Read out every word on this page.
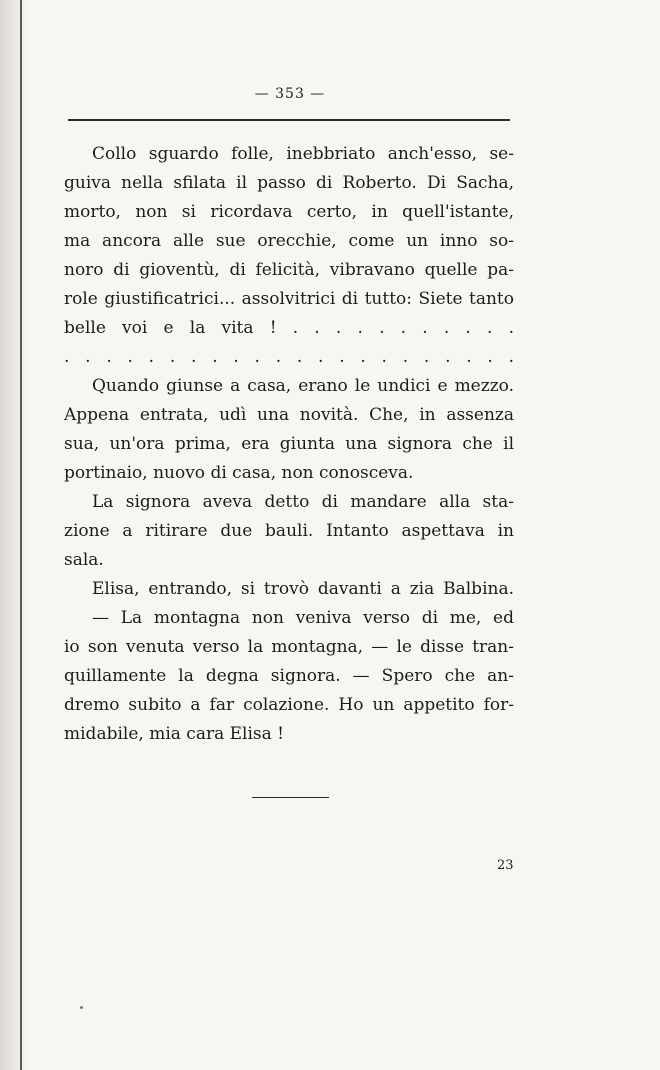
— 353 —
Collo sguardo folle, inebbriato anch'esso, se-
guiva nella sfilata il passo di Roberto. Di Sacha,
morto, non si ricordava certo, in quell'istante,
ma ancora alle sue orecchie, come un inno so-
noro di gioventù, di felicità, vibravano quelle pa-
role giustificatrici... assolvitrici di tutto: Siete tanto
belle voi e la vita ! . . . . . . . . . . .
. . . . . . . . . . . . . . . . . . . . . .
Quando giunse a casa, erano le undici e mezzo.
Appena entrata, udì una novità. Che, in assenza
sua, un'ora prima, era giunta una signora che il
portinaio, nuovo di casa, non conosceva.
La signora aveva detto di mandare alla sta-
zione a ritirare due bauli. Intanto aspettava in
sala.
Elisa, entrando, si trovò davanti a zia Balbina.
— La montagna non veniva verso di me, ed
io son venuta verso la montagna, — le disse tran-
quillamente la degna signora. — Spero che an-
dremo subito a far colazione. Ho un appetito for-
midabile, mia cara Elisa !
23
